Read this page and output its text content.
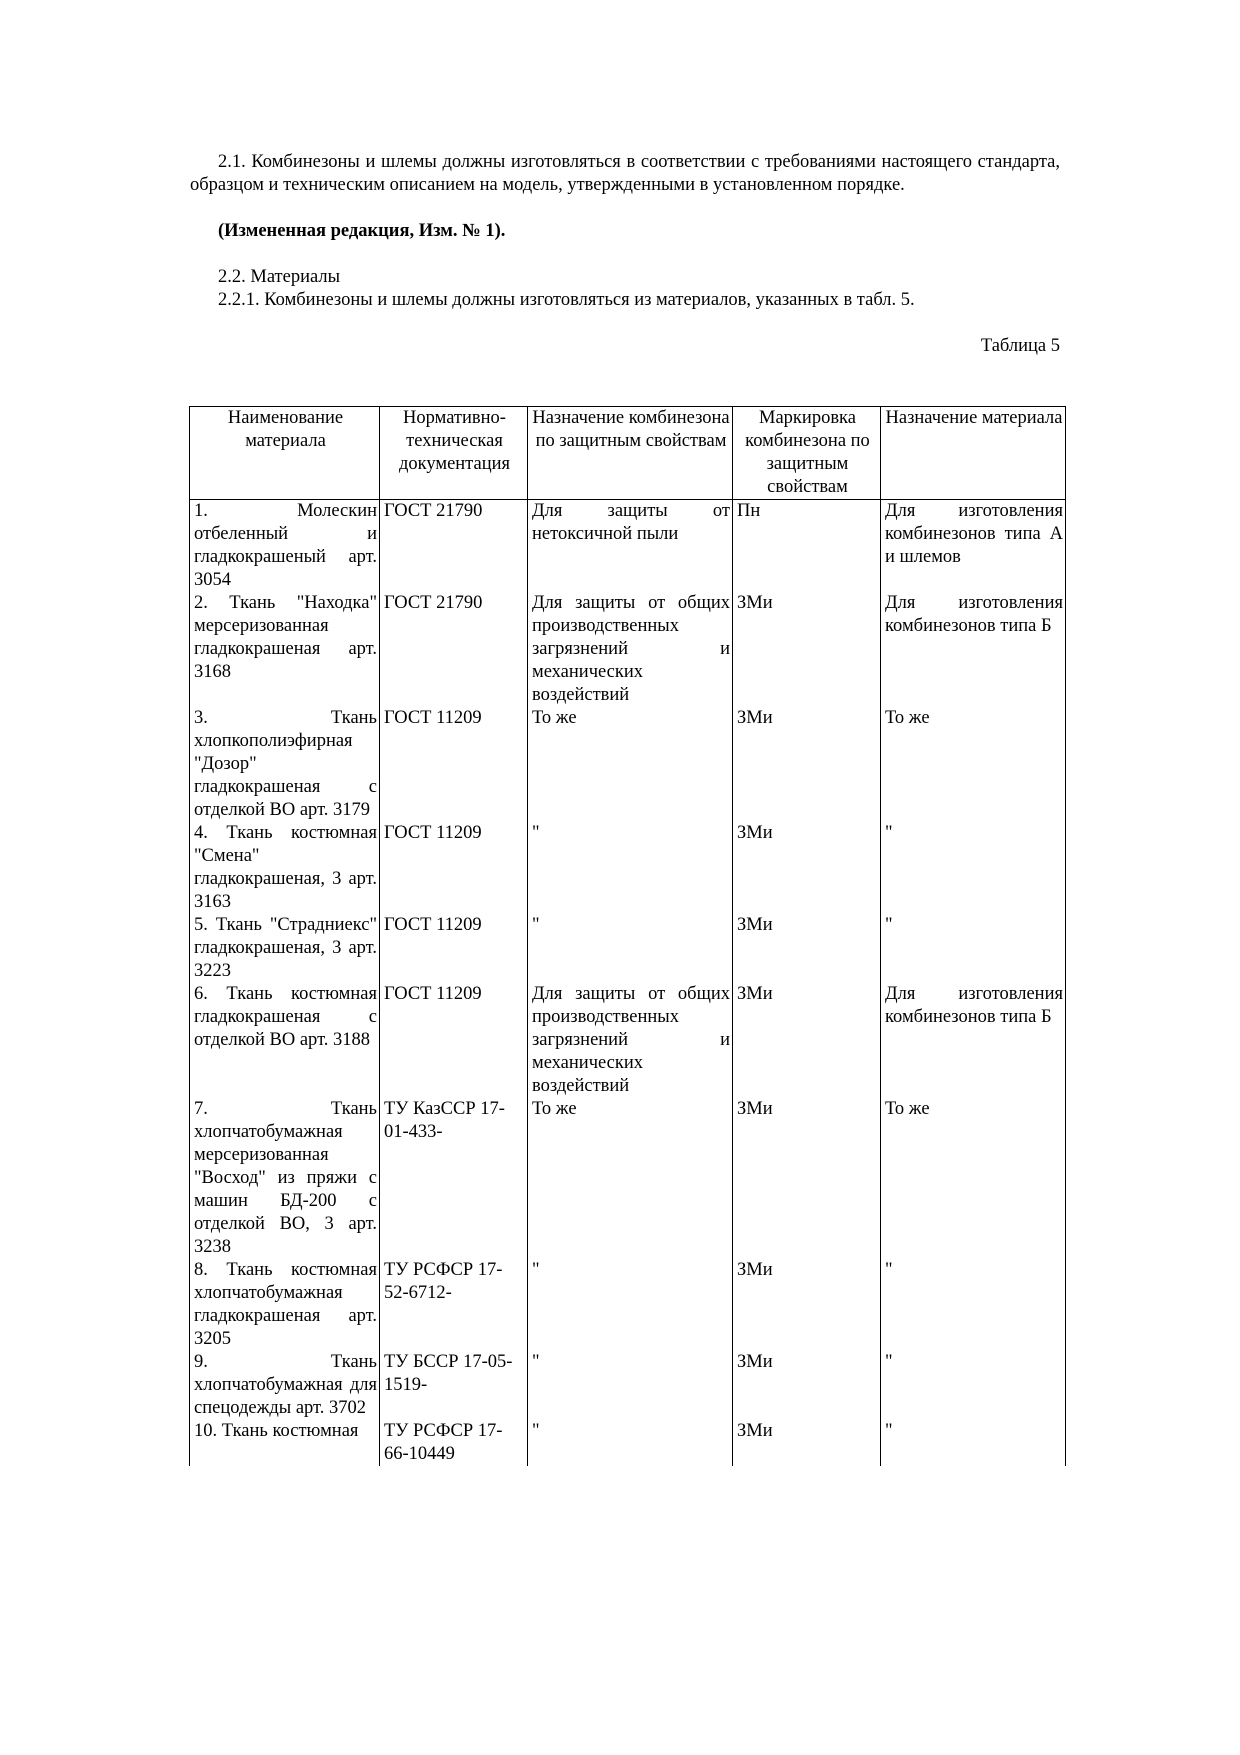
2.1. Комбинезоны и шлемы должны изготовляться в соответствии с требованиями настоящего стандарта, образцом и техническим описанием на модель, утвержденными в установленном порядке.

(Измененная редакция, Изм. № 1).

2.2. Материалы

2.2.1. Комбинезоны и шлемы должны изготовляться из материалов, указанных в табл. 5.

Таблица 5

Наименование материала	Нормативно-техническая документация	Назначение комбинезона по защитным свойствам	Маркировка комбинезона по защитным свойствам	Назначение материала
1. Молескин отбеленный и гладкокрашеный арт. 3054	ГОСТ 21790	Для защиты от нетоксичной пыли	Пн	Для изготовления комбинезонов типа А и шлемов
2. Ткань "Находка" мерсеризованная гладкокрашеная арт. 3168	ГОСТ 21790	Для защиты от общих производственных загрязнений и механических воздействий	ЗМи	Для изготовления комбинезонов типа Б
3. Ткань хлопкополиэфирная "Дозор" гладкокрашеная с отделкой ВО арт. 3179	ГОСТ 11209	То же	ЗМи	То же
4. Ткань костюмная "Смена" гладкокрашеная, 3 арт. 3163	ГОСТ 11209	"	ЗМи	"
5. Ткань "Страдниекс" гладкокрашеная, 3 арт. 3223	ГОСТ 11209	"	ЗМи	"
6. Ткань костюмная гладкокрашеная с отделкой ВО арт. 3188	ГОСТ 11209	Для защиты от общих производственных загрязнений и механических воздействий	ЗМи	Для изготовления комбинезонов типа Б
7. Ткань хлопчатобумажная мерсеризованная "Восход" из пряжи с машин БД-200 с отделкой ВО, 3 арт. 3238	ТУ КазССР 17-01-433-	То же	ЗМи	То же
8. Ткань костюмная хлопчатобумажная гладкокрашеная арт. 3205	ТУ РСФСР 17-52-6712-	"	ЗМи	"
9. Ткань хлопчатобумажная для спецодежды арт. 3702	ТУ БССР 17-05-1519-	"	ЗМи	"
10. Ткань костюмная	ТУ РСФСР 17-66-10449	"	ЗМи	"
